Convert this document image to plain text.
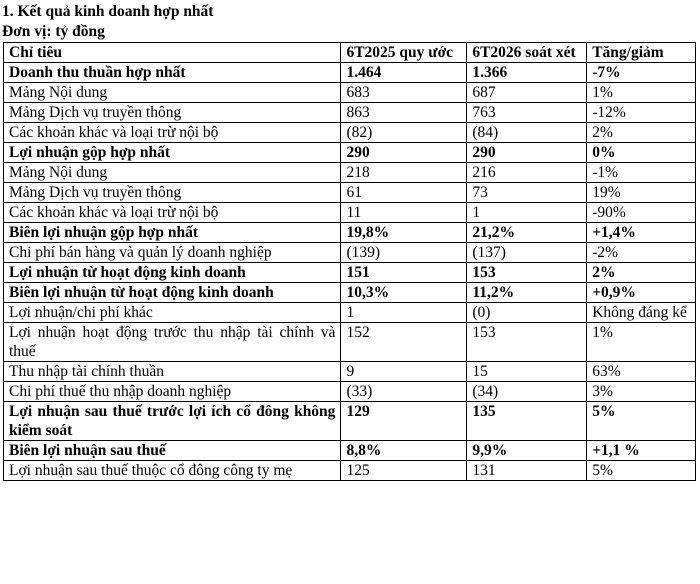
1. Kết quả kinh doanh hợp nhất
Đơn vị: tỷ đồng
Chỉ tiêu	6T2025 quy ước	6T2026 soát xét	Tăng/giảm
Doanh thu thuần hợp nhất	1.464	1.366	-7%
Mảng Nội dung	683	687	1%
Mảng Dịch vụ truyền thông	863	763	-12%
Các khoản khác và loại trừ nội bộ	(82)	(84)	2%
Lợi nhuận gộp hợp nhất	290	290	0%
Mảng Nội dung	218	216	-1%
Mảng Dịch vụ truyền thông	61	73	19%
Các khoản khác và loại trừ nội bộ	11	1	-90%
Biên lợi nhuận gộp hợp nhất	19,8%	21,2%	+1,4%
Chi phí bán hàng và quản lý doanh nghiệp	(139)	(137)	-2%
Lợi nhuận từ hoạt động kinh doanh	151	153	2%
Biên lợi nhuận từ hoạt động kinh doanh	10,3%	11,2%	+0,9%
Lợi nhuận/chi phí khác	1	(0)	Không đáng kể
Lợi nhuận hoạt động trước thu nhập tài chính và thuế	152	153	1%
Thu nhập tài chính thuần	9	15	63%
Chi phí thuế thu nhập doanh nghiệp	(33)	(34)	3%
Lợi nhuận sau thuế trước lợi ích cổ đông không kiểm soát	129	135	5%
Biên lợi nhuận sau thuế	8,8%	9,9%	+1,1 %
Lợi nhuận sau thuế thuộc cổ đông công ty mẹ	125	131	5%
